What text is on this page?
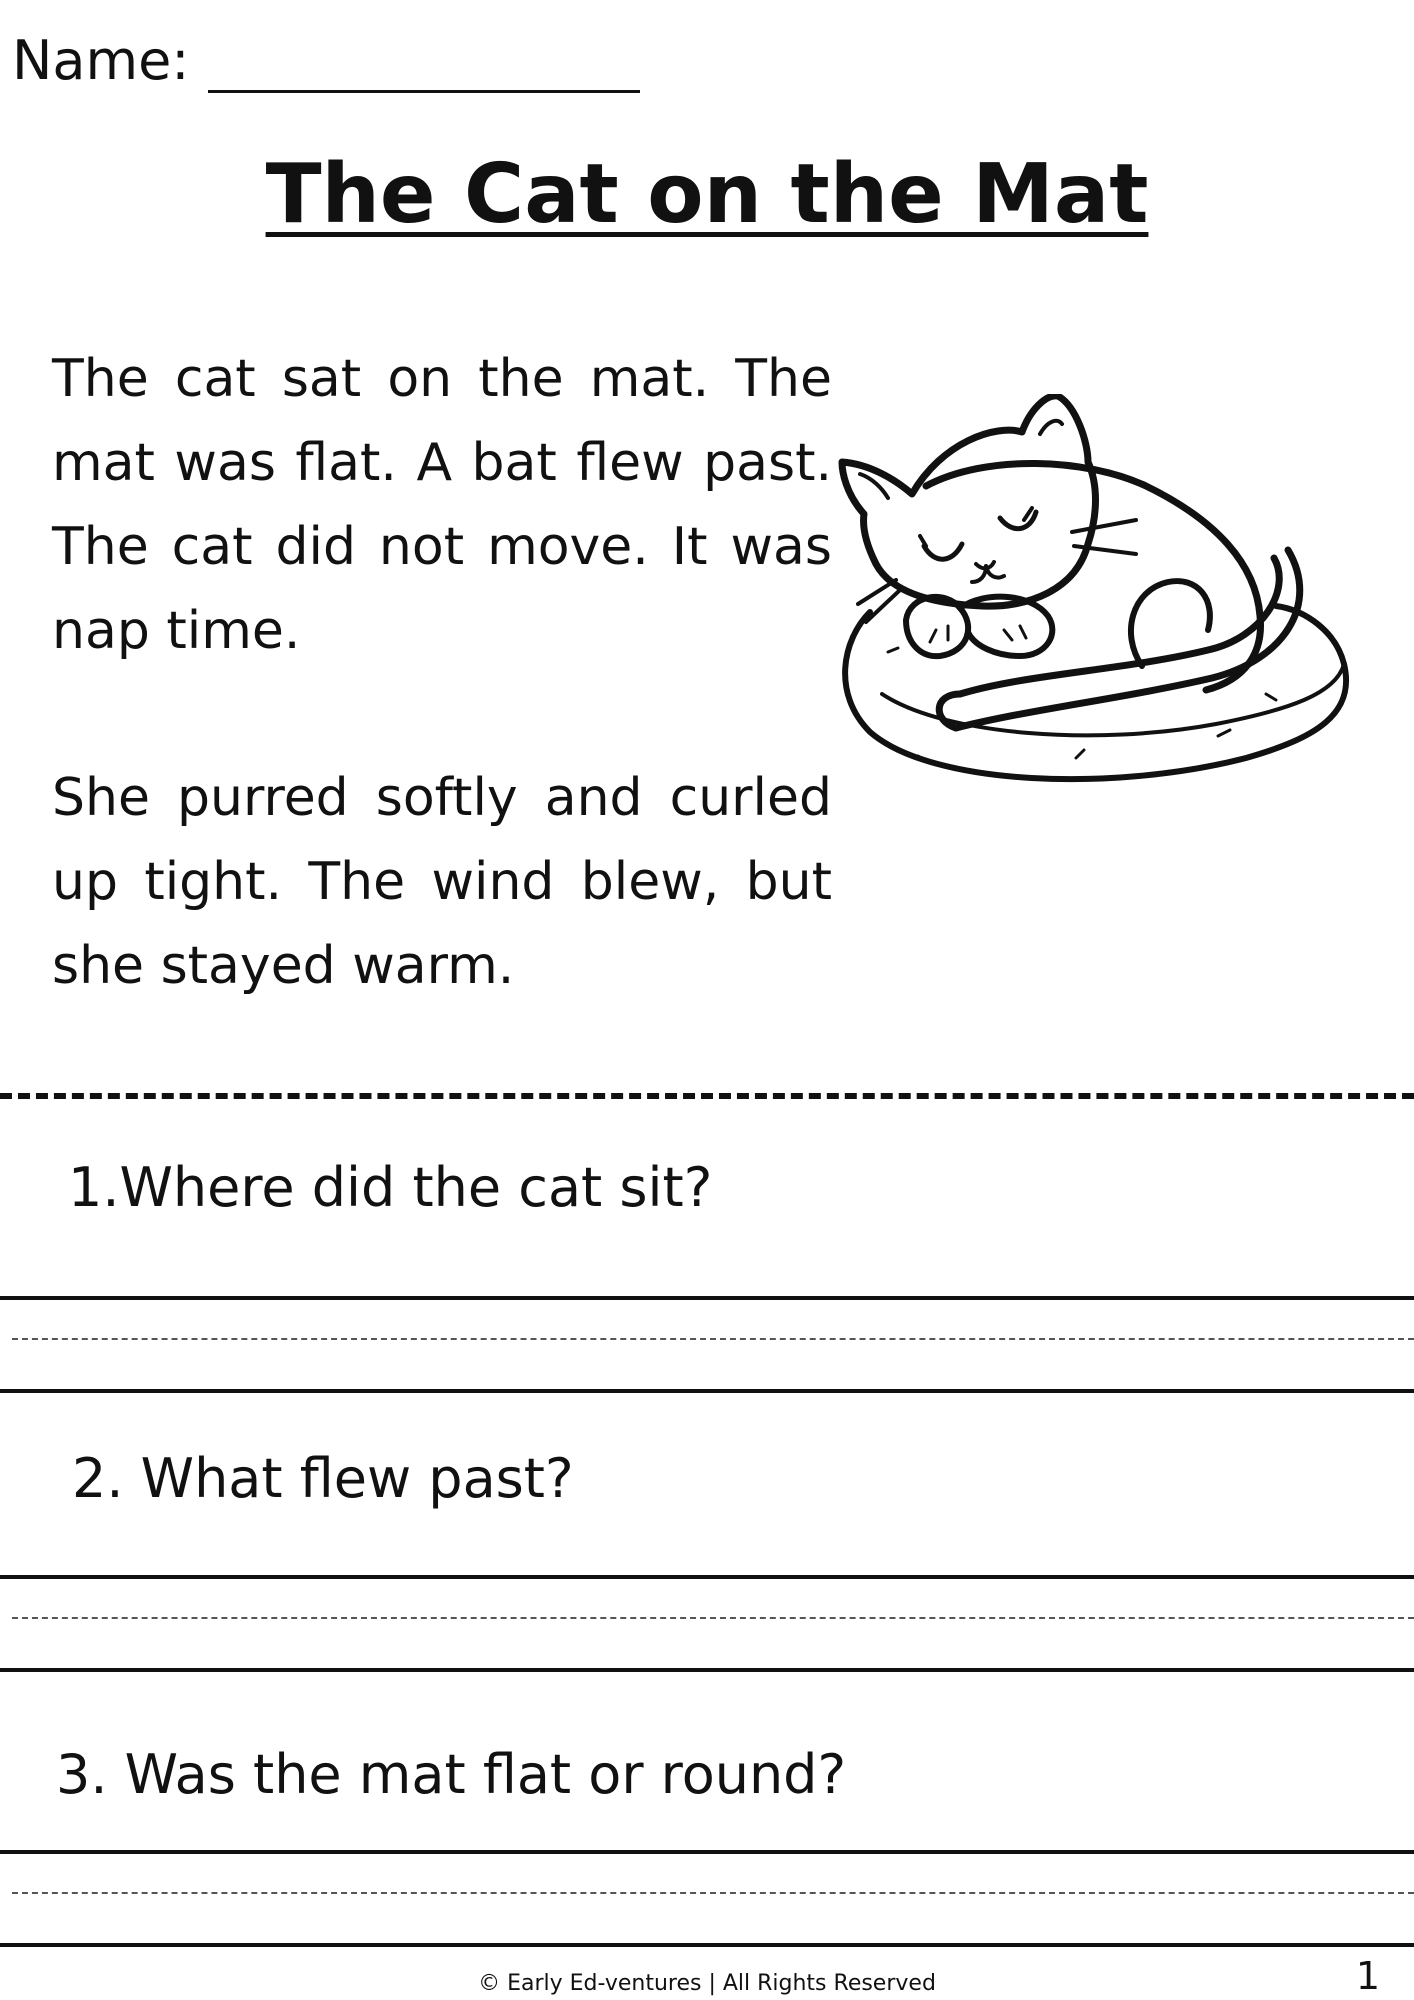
Name:
The Cat on the Mat

The cat sat on the mat. The mat was flat. A bat flew past. The cat did not move. It was nap time.

She purred softly and curled up tight. The wind blew, but she stayed warm.

1.Where did the cat sit?
2. What flew past?
3. Was the mat flat or round?
© Early Ed-ventures | All Rights Reserved	1
